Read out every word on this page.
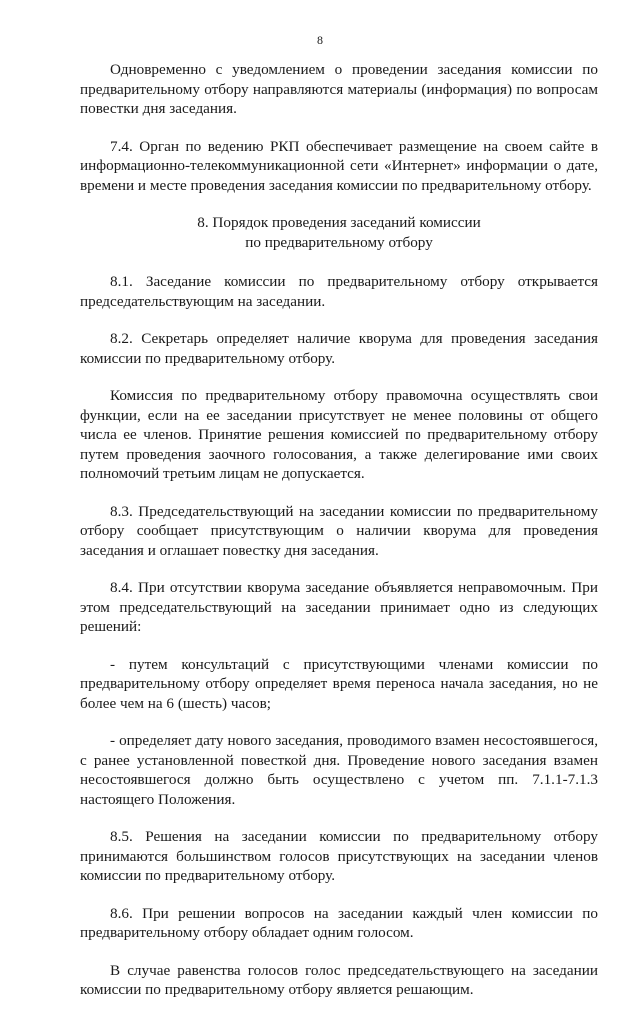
8

Одновременно с уведомлением о проведении заседания комиссии по предварительному отбору направляются материалы (информация) по вопросам повестки дня заседания.

7.4. Орган по ведению РКП обеспечивает размещение на своем сайте в информационно-телекоммуникационной сети «Интернет» информации о дате, времени и месте проведения заседания комиссии по предварительному отбору.

8. Порядок проведения заседаний комиссии
по предварительному отбору

8.1. Заседание комиссии по предварительному отбору открывается председательствующим на заседании.

8.2. Секретарь определяет наличие кворума для проведения заседания комиссии по предварительному отбору.

Комиссия по предварительному отбору правомочна осуществлять свои функции, если на ее заседании присутствует не менее половины от общего числа ее членов. Принятие решения комиссией по предварительному отбору путем проведения заочного голосования, а также делегирование ими своих полномочий третьим лицам не допускается.

8.3. Председательствующий на заседании комиссии по предварительному отбору сообщает присутствующим о наличии кворума для проведения заседания и оглашает повестку дня заседания.

8.4. При отсутствии кворума заседание объявляется неправомочным. При этом председательствующий на заседании принимает одно из следующих решений:

- путем консультаций с присутствующими членами комиссии по предварительному отбору определяет время переноса начала заседания, но не более чем на 6 (шесть) часов;

- определяет дату нового заседания, проводимого взамен несостоявшегося, с ранее установленной повесткой дня. Проведение нового заседания взамен несостоявшегося должно быть осуществлено с учетом пп. 7.1.1-7.1.3 настоящего Положения.

8.5. Решения на заседании комиссии по предварительному отбору принимаются большинством голосов присутствующих на заседании членов комиссии по предварительному отбору.

8.6. При решении вопросов на заседании каждый член комиссии по предварительному отбору обладает одним голосом.

В случае равенства голосов голос председательствующего на заседании комиссии по предварительному отбору является решающим.
